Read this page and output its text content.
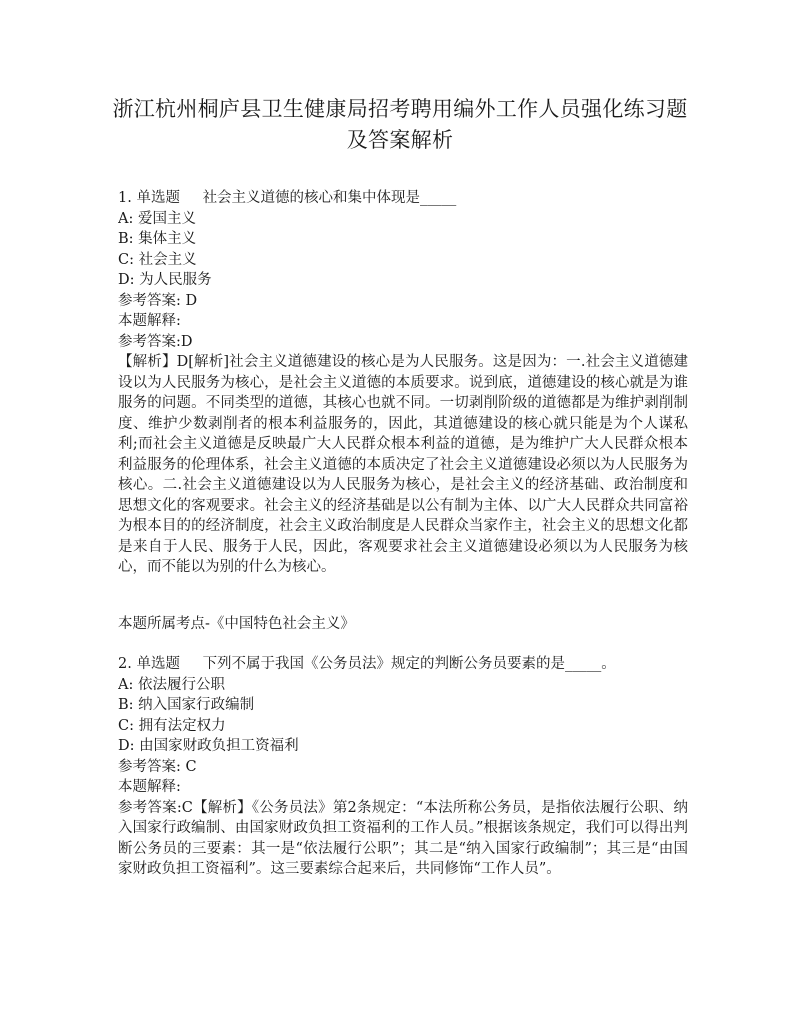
浙江杭州桐庐县卫生健康局招考聘用编外工作人员强化练习题
及答案解析
1. 单选题 社会主义道德的核心和集中体现是_____
A: 爱国主义
B: 集体主义
C: 社会主义
D: 为人民服务
参考答案: D
本题解释:
参考答案:D
【解析】D[解析]社会主义道德建设的核心是为人民服务。这是因为：一.社会主义道德建设以为人民服务为核心，是社会主义道德的本质要求。说到底，道德建设的核心就是为谁服务的问题。不同类型的道德，其核心也就不同。一切剥削阶级的道德都是为维护剥削制度、维护少数剥削者的根本利益服务的，因此，其道德建设的核心就只能是为个人谋私利;而社会主义道德是反映最广大人民群众根本利益的道德，是为维护广大人民群众根本利益服务的伦理体系，社会主义道德的本质决定了社会主义道德建设必须以为人民服务为核心。二.社会主义道德建设以为人民服务为核心，是社会主义的经济基础、政治制度和思想文化的客观要求。社会主义的经济基础是以公有制为主体、以广大人民群众共同富裕为根本目的的经济制度，社会主义政治制度是人民群众当家作主，社会主义的思想文化都是来自于人民、服务于人民，因此，客观要求社会主义道德建设必须以为人民服务为核心，而不能以为别的什么为核心。
本题所属考点-《中国特色社会主义》
2. 单选题 下列不属于我国《公务员法》规定的判断公务员要素的是_____。
A: 依法履行公职
B: 纳入国家行政编制
C: 拥有法定权力
D: 由国家财政负担工资福利
参考答案: C
本题解释:
参考答案:C【解析】《公务员法》第2条规定：“本法所称公务员，是指依法履行公职、纳入国家行政编制、由国家财政负担工资福利的工作人员。”根据该条规定，我们可以得出判断公务员的三要素：其一是“依法履行公职”；其二是“纳入国家行政编制”；其三是“由国家财政负担工资福利”。这三要素综合起来后，共同修饰“工作人员”。
